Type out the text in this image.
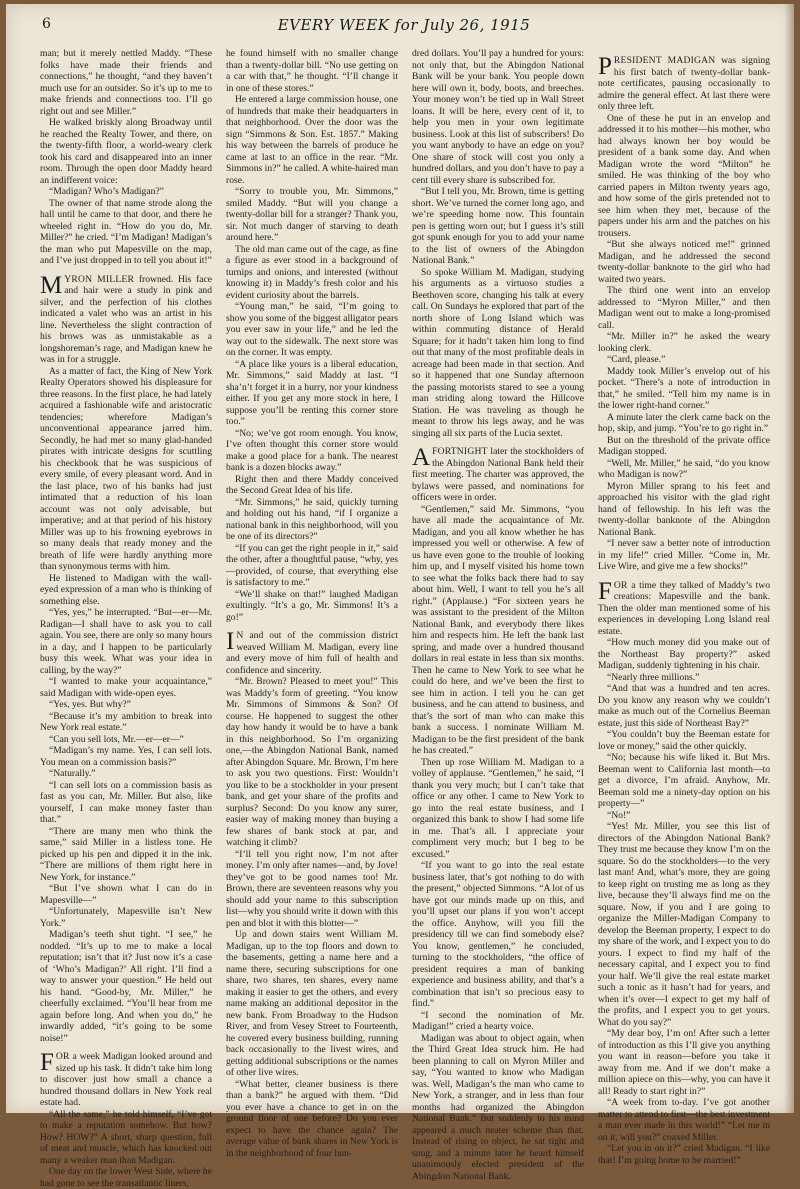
6	EVERY WEEK for July 26, 1915

man; but it merely nettled Maddy. “These folks have made their friends and connections,” he thought, “and they haven’t much use for an outsider. So it’s up to me to make friends and connections too. I’ll go right out and see Miller.”

He walked briskly along Broadway until he reached the Realty Tower, and there, on the twenty-fifth floor, a world-weary clerk took his card and disappeared into an inner room. Through the open door Maddy heard an indifferent voice:

“Madigan? Who’s Madigan?”

The owner of that name strode along the hall until he came to that door, and there he wheeled right in. “How do you do, Mr. Miller?” he cried. “I’m Madigan! Madigan’s the man who put Mapesville on the map, and I’ve just dropped in to tell you about it!”

MYRON MILLER frowned. His face and hair were a study in pink and silver, and the perfection of his clothes indicated a valet who was an artist in his line. Nevertheless the slight contraction of his brows was as unmistakable as a longshoreman’s rage, and Madigan knew he was in for a struggle.

As a matter of fact, the King of New York Realty Operators showed his displeasure for three reasons. In the first place, he had lately acquired a fashionable wife and aristocratic tendencies; wherefore Madigan’s unconventional appearance jarred him. Secondly, he had met so many glad-handed pirates with intricate designs for scuttling his checkbook that he was suspicious of every smile, of every pleasant word. And in the last place, two of his banks had just intimated that a reduction of his loan account was not only advisable, but imperative; and at that period of his history Miller was up to his frowning eyebrows in so many deals that ready money and the breath of life were hardly anything more than synonymous terms with him.

He listened to Madigan with the wall-eyed expression of a man who is thinking of something else.

“Yes, yes,” he interrupted. “But—er—Mr. Radigan—I shall have to ask you to call again. You see, there are only so many hours in a day, and I happen to be particularly busy this week. What was your idea in calling, by the way?”

“I wanted to make your acquaintance,” said Madigan with wide-open eyes.

“Yes, yes. But why?”

“Because it’s my ambition to break into New York real estate.”

“Can you sell lots, Mr.—er—er—”

“Madigan’s my name. Yes, I can sell lots. You mean on a commission basis?”

“Naturally.”

“I can sell lots on a commission basis as fast as you can, Mr. Miller. But also, like yourself, I can make money faster than that.”

“There are many men who think the same,” said Miller in a listless tone. He picked up his pen and dipped it in the ink. “There are millions of them right here in New York, for instance.”

“But I’ve shown what I can do in Mapesville—”

“Unfortunately, Mapesville isn’t New York.”

Madigan’s teeth shut tight. “I see,” he nodded. “It’s up to me to make a local reputation; isn’t that it? Just now it’s a case of ‘Who’s Madigan?’ All right. I’ll find a way to answer your question.” He held out his hand. “Good-by, Mr. Miller,” he cheerfully exclaimed. “You’ll hear from me again before long. And when you do,” he inwardly added, “it’s going to be some noise!”

FOR a week Madigan looked around and sized up his task. It didn’t take him long to discover just how small a chance a hundred thousand dollars in New York real estate had.

“All the same,” he told himself, “I’ve got to make a reputation somehow. But how? How? HOW?” A short, sharp question, full of meat and muscle, which has knocked out many a weaker man than Madigan.

One day on the lower West Side, where he had gone to see the transatlantic liners,

he found himself with no smaller change than a twenty-dollar bill. “No use getting on a car with that,” he thought. “I’ll change it in one of these stores.”

He entered a large commission house, one of hundreds that make their headquarters in that neighborhood. Over the door was the sign “Simmons & Son. Est. 1857.” Making his way between the barrels of produce he came at last to an office in the rear. “Mr. Simmons in?” he called. A white-haired man rose.

“Sorry to trouble you, Mr. Simmons,” smiled Maddy. “But will you change a twenty-dollar bill for a stranger? Thank you, sir. Not much danger of starving to death around here.”

The old man came out of the cage, as fine a figure as ever stood in a background of turnips and onions, and interested (without knowing it) in Maddy’s fresh color and his evident curiosity about the barrels.

“Young man,” he said, “I’m going to show you some of the biggest alligator pears you ever saw in your life,” and he led the way out to the sidewalk. The next store was on the corner. It was empty.

“A place like yours is a liberal education, Mr. Simmons,” said Maddy at last. “I sha’n’t forget it in a hurry, nor your kindness either. If you get any more stock in here, I suppose you’ll be renting this corner store too.”

“No; we’ve got room enough. You know, I’ve often thought this corner store would make a good place for a bank. The nearest bank is a dozen blocks away.”

Right then and there Maddy conceived the Second Great Idea of his life.

“Mr. Simmons,” he said, quickly turning and holding out his hand, “if I organize a national bank in this neighborhood, will you be one of its directors?”

“If you can get the right people in it,” said the other, after a thoughtful pause, “why, yes—provided, of course, that everything else is satisfactory to me.”

“We’ll shake on that!” laughed Madigan exultingly. “It’s a go, Mr. Simmons! It’s a go!”

I N and out of the commission district weaved William M. Madigan, every line and every move of him full of health and confidence and sincerity.

“Mr. Brown? Pleased to meet you!” This was Maddy’s form of greeting. “You know Mr. Simmons of Simmons & Son? Of course. He happened to suggest the other day how handy it would be to have a bank in this neighborhood. So I’m organizing one,—the Abingdon National Bank, named after Abingdon Square. Mr. Brown, I’m here to ask you two questions. First: Wouldn’t you like to be a stockholder in your present bank, and get your share of the profits and surplus? Second: Do you know any surer, easier way of making money than buying a few shares of bank stock at par, and watching it climb?

“I’ll tell you right now, I’m not after money. I’m only after names—and, by Jove! they’ve got to be good names too! Mr. Brown, there are seventeen reasons why you should add your name to this subscription list—why you should write it down with this pen and blot it with this blotter—”

Up and down stairs went William M. Madigan, up to the top floors and down to the basements, getting a name here and a name there, securing subscriptions for one share, two shares, ten shares, every name making it easier to get the others, and every name making an additional depositor in the new bank. From Broadway to the Hudson River, and from Vesey Street to Fourteenth, he covered every business building, running back occasionally to the livest wires, and getting additional subscriptions or the names of other live wires.

“What better, cleaner business is there than a bank?” he argued with them. “Did you ever have a chance to get in on the ground floor of one before? Do you ever expect to have the chance again? The average value of bank shares in New York is in the neighborhood of four hun-

dred dollars. You’ll pay a hundred for yours: not only that, but the Abingdon National Bank will be your bank. You people down here will own it, body, boots, and breeches. Your money won’t be tied up in Wall Street loans. It will be here, every cent of it, to help you men in your own legitimate business. Look at this list of subscribers! Do you want anybody to have an edge on you? One share of stock will cost you only a hundred dollars, and you don’t have to pay a cent till every share is subscribed for.

“But I tell you, Mr. Brown, time is getting short. We’ve turned the corner long ago, and we’re speeding home now. This fountain pen is getting worn out; but I guess it’s still got spunk enough for you to add your name to the list of owners of the Abingdon National Bank.”

So spoke William M. Madigan, studying his arguments as a virtuoso studies a Beethoven score, changing his talk at every call. On Sundays he explored that part of the north shore of Long Island which was within commuting distance of Herald Square; for it hadn’t taken him long to find out that many of the most profitable deals in acreage had been made in that section. And so it happened that one Sunday afternoon the passing motorists stared to see a young man striding along toward the Hillcove Station. He was traveling as though he meant to throw his legs away, and he was singing all six parts of the Lucia sextet.

AFORTNIGHT later the stockholders of the Abingdon National Bank held their first meeting. The charter was approved, the bylaws were passed, and nominations for officers were in order.

“Gentlemen,” said Mr. Simmons, “you have all made the acquaintance of Mr. Madigan, and you all know whether he has impressed you well or otherwise. A few of us have even gone to the trouble of looking him up, and I myself visited his home town to see what the folks back there had to say about him. Well, I want to tell you he’s all right.” (Applause.) “For sixteen years he was assistant to the president of the Milton National Bank, and everybody there likes him and respects him. He left the bank last spring, and made over a hundred thousand dollars in real estate in less than six months. Then he came to New York to see what he could do here, and we’ve been the first to see him in action. I tell you he can get business, and he can attend to business, and that’s the sort of man who can make this bank a success. I nominate William M. Madigan to be the first president of the bank he has created.”

Then up rose William M. Madigan to a volley of applause. “Gentlemen,” he said, “I thank you very much; but I can’t take that office or any other. I came to New York to go into the real estate business, and I organized this bank to show I had some life in me. That’s all. I appreciate your compliment very much; but I beg to be excused.”

“If you want to go into the real estate business later, that’s got nothing to do with the present,” objected Simmons. “A lot of us have got our minds made up on this, and you’ll upset our plans if you won’t accept the office. Anyhow, will you fill the presidency till we can find somebody else? You know, gentlemen,” he concluded, turning to the stockholders, “the office of president requires a man of banking experience and business ability, and that’s a combination that isn’t so precious easy to find.”

“I second the nomination of Mr. Madigan!” cried a hearty voice.

Madigan was about to object again, when the Third Great Idea struck him. He had been planning to call on Myron Miller and say, “You wanted to know who Madigan was. Well, Madigan’s the man who came to New York, a stranger, and in less than four months had organized the Abingdon National Bank.” But suddenly to his mind appeared a much neater scheme than that. Instead of rising to object, he sat tight and snug, and a minute later he heard himself unanimously elected president of the Abingdon National Bank.

PRESIDENT MADIGAN was signing his first batch of twenty-dollar bank-note certificates, pausing occasionally to admire the general effect. At last there were only three left.

One of these he put in an envelop and addressed it to his mother—his mother, who had always known her boy would be president of a bank some day. And when Madigan wrote the word “Milton” he smiled. He was thinking of the boy who carried papers in Milton twenty years ago, and how some of the girls pretended not to see him when they met, because of the papers under his arm and the patches on his trousers.

“But she always noticed me!” grinned Madigan, and he addressed the second twenty-dollar banknote to the girl who had waited two years.

The third one went into an envelop addressed to “Myron Miller,” and then Madigan went out to make a long-promised call.

“Mr. Miller in?” he asked the weary looking clerk.

“Card, please.”

Maddy took Miller’s envelop out of his pocket. “There’s a note of introduction in that,” he smiled. “Tell him my name is in the lower right-hand corner.”

A minute later the clerk came back on the hop, skip, and jump. “You’re to go right in.”

But on the threshold of the private office Madigan stopped.

“Well, Mr. Miller,” he said, “do you know who Madigan is now?”

Myron Miller sprang to his feet and approached his visitor with the glad right hand of fellowship. In his left was the twenty-dollar banknote of the Abingdon National Bank.

“I never saw a better note of introduction in my life!” cried Miller. “Come in, Mr. Live Wire, and give me a few shocks!”

FOR a time they talked of Maddy’s two creations: Mapesville and the bank. Then the older man mentioned some of his experiences in developing Long Island real estate.

“How much money did you make out of the Northeast Bay property?” asked Madigan, suddenly tightening in his chair.

“Nearly three millions.”

“And that was a hundred and ten acres. Do you know any reason why we couldn’t make as much out of the Cornelius Beeman estate, just this side of Northeast Bay?”

“You couldn’t buy the Beeman estate for love or money,” said the other quickly.

“No; because his wife liked it. But Mrs. Beeman went to California last month—to get a divorce, I’m afraid. Anyhow, Mr. Beeman sold me a ninety-day option on his property—”

“No!”

“Yes! Mr. Miller, you see this list of directors of the Abingdon National Bank? They trust me because they know I’m on the square. So do the stockholders—to the very last man! And, what’s more, they are going to keep right on trusting me as long as they live, because they’ll always find me on the square. Now, if you and I are going to organize the Miller-Madigan Company to develop the Beeman property, I expect to do my share of the work, and I expect you to do yours. I expect to find my half of the necessary capital, and I expect you to find your half. We’ll give the real estate market such a tonic as it hasn’t had for years, and when it’s over—I expect to get my half of the profits, and I expect you to get yours. What do you say?”

“My dear boy, I’m on! After such a letter of introduction as this I’ll give you anything you want in reason—before you take it away from me. And if we don’t make a million apiece on this—why, you can have it all! Ready to start right in?”

“A week from to-day. I’ve got another matter to attend to first—the best investment a man ever made in this world!” “Let me in on it, will you?” coaxed Miller.

“Let you in on it?” cried Madigan. “I like that! I’m going home to be married!”
